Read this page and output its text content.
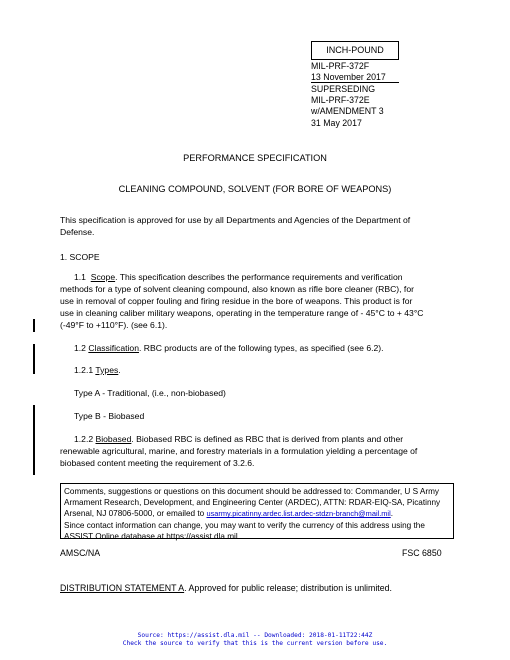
INCH-POUND
MIL-PRF-372F
13 November 2017
SUPERSEDING
MIL-PRF-372E
w/AMENDMENT 3
31 May 2017
PERFORMANCE SPECIFICATION
CLEANING COMPOUND, SOLVENT (FOR BORE OF WEAPONS)
This specification is approved for use by all Departments and Agencies of the Department of
Defense.
1. SCOPE
1.1 Scope. This specification describes the performance requirements and verification
methods for a type of solvent cleaning compound, also known as rifle bore cleaner (RBC), for
use in removal of copper fouling and firing residue in the bore of weapons. This product is for
use in cleaning caliber military weapons, operating in the temperature range of - 45°C to + 43°C
(-49°F to +110°F). (see 6.1).
1.2 Classification. RBC products are of the following types, as specified (see 6.2).
1.2.1 Types.
Type A - Traditional, (i.e., non-biobased)
Type B - Biobased
1.2.2 Biobased. Biobased RBC is defined as RBC that is derived from plants and other
renewable agricultural, marine, and forestry materials in a formulation yielding a percentage of
biobased content meeting the requirement of 3.2.6.
Comments, suggestions or questions on this document should be addressed to: Commander, U S Army
Armament Research, Development, and Engineering Center (ARDEC), ATTN: RDAR-EIQ-SA, Picatinny
Arsenal, NJ 07806-5000, or emailed to usarmy.picatinny.ardec.list.ardec-stdzn-branch@mail.mil.
Since contact information can change, you may want to verify the currency of this address using the
ASSIST Online database at https://assist.dla.mil.
AMSC/NA	FSC 6850
DISTRIBUTION STATEMENT A. Approved for public release; distribution is unlimited.
Source: https://assist.dla.mil -- Downloaded: 2018-01-11T22:44Z
Check the source to verify that this is the current version before use.
